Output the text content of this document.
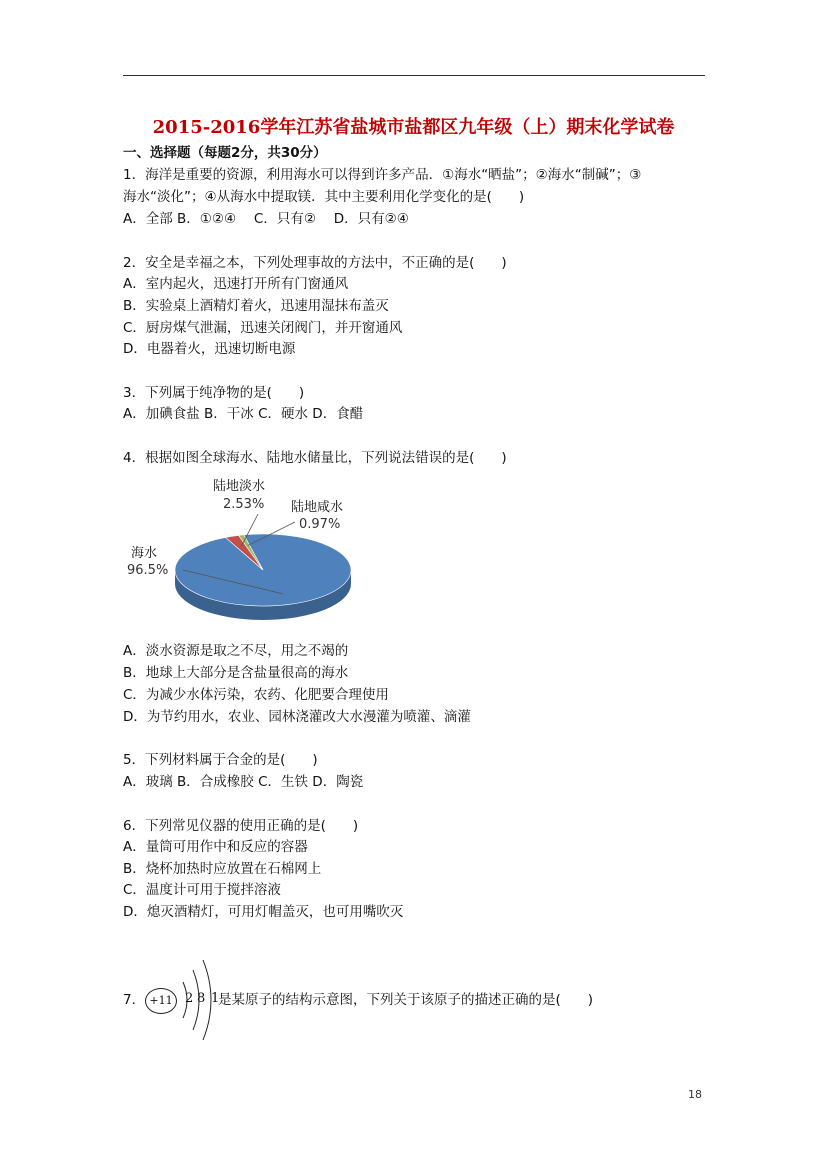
2015-2016学年江苏省盐城市盐都区九年级（上）期末化学试卷
一、选择题（每题2分，共30分）
1．海洋是重要的资源，利用海水可以得到许多产品．①海水“晒盐”；②海水“制碱”；③
海水“淡化”；④从海水中提取镁．其中主要利用化学变化的是(　　)
A．全部 B．①②④　 C．只有②　 D．只有②④
2．安全是幸福之本，下列处理事故的方法中，不正确的是(　　)
A．室内起火，迅速打开所有门窗通风
B．实验桌上酒精灯着火，迅速用湿抹布盖灭
C．厨房煤气泄漏，迅速关闭阀门，并开窗通风
D．电器着火，迅速切断电源
3．下列属于纯净物的是(　　)
A．加碘食盐 B．干冰 C．硬水 D．食醋
4．根据如图全球海水、陆地水储量比，下列说法错误的是(　　)
陆地淡水
2.53% 陆地咸水
0.97%
海水
96.5%
A．淡水资源是取之不尽，用之不竭的
B．地球上大部分是含盐量很高的海水
C．为减少水体污染，农药、化肥要合理使用
D．为节约用水，农业、园林浇灌改大水漫灌为喷灌、滴灌
5．下列材料属于合金的是(　　)
A．玻璃 B．合成橡胶 C．生铁 D．陶瓷
6．下列常见仪器的使用正确的是(　　)
A．量筒可用作中和反应的容器
B．烧杯加热时应放置在石棉网上
C．温度计可用于搅拌溶液
D．熄灭酒精灯，可用灯帽盖灭，也可用嘴吹灭
7． +11 2 8 1
是某原子的结构示意图，下列关于该原子的描述正确的是(　　)
18
